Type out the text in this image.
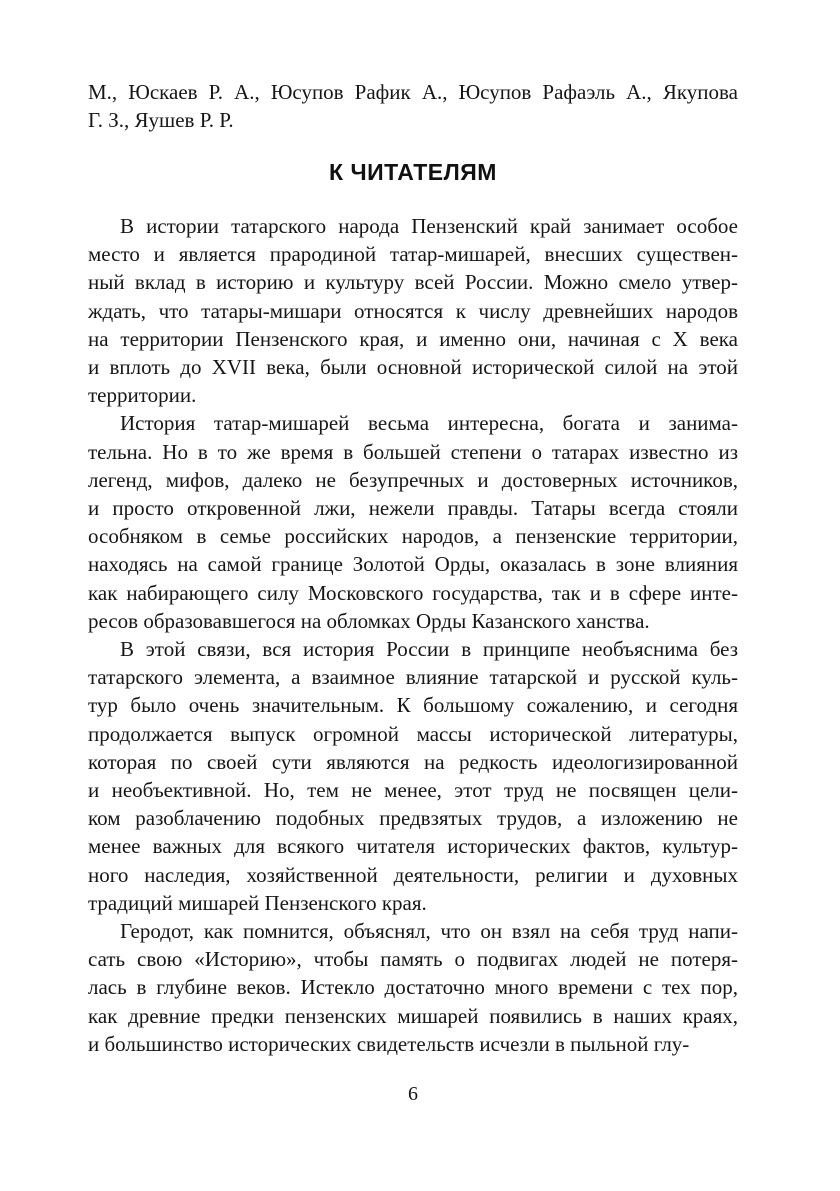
М., Юскаев Р. А., Юсупов Рафик А., Юсупов Рафаэль А., Якупова
Г. З., Яушев Р. Р.
К ЧИТАТЕЛЯМ
В истории татарского народа Пензенский край занимает особое
место и является прародиной татар-мишарей, внесших существен-
ный вклад в историю и культуру всей России. Можно смело утвер-
ждать, что татары-мишари относятся к числу древнейших народов
на территории Пензенского края, и именно они, начиная с X века
и вплоть до XVII века, были основной исторической силой на этой
территории.
История татар-мишарей весьма интересна, богата и занима-
тельна. Но в то же время в большей степени о татарах известно из
легенд, мифов, далеко не безупречных и достоверных источников,
и просто откровенной лжи, нежели правды. Татары всегда стояли
особняком в семье российских народов, а пензенские территории,
находясь на самой границе Золотой Орды, оказалась в зоне влияния
как набирающего силу Московского государства, так и в сфере инте-
ресов образовавшегося на обломках Орды Казанского ханства.
В этой связи, вся история России в принципе необъяснима без
татарского элемента, а взаимное влияние татарской и русской куль-
тур было очень значительным. К большому сожалению, и сегодня
продолжается выпуск огромной массы исторической литературы,
которая по своей сути являются на редкость идеологизированной
и необъективной. Но, тем не менее, этот труд не посвящен цели-
ком разоблачению подобных предвзятых трудов, а изложению не
менее важных для всякого читателя исторических фактов, культур-
ного наследия, хозяйственной деятельности, религии и духовных
традиций мишарей Пензенского края.
Геродот, как помнится, объяснял, что он взял на себя труд напи-
сать свою «Историю», чтобы память о подвигах людей не потеря-
лась в глубине веков. Истекло достаточно много времени с тех пор,
как древние предки пензенских мишарей появились в наших краях,
и большинство исторических свидетельств исчезли в пыльной глу-
6
